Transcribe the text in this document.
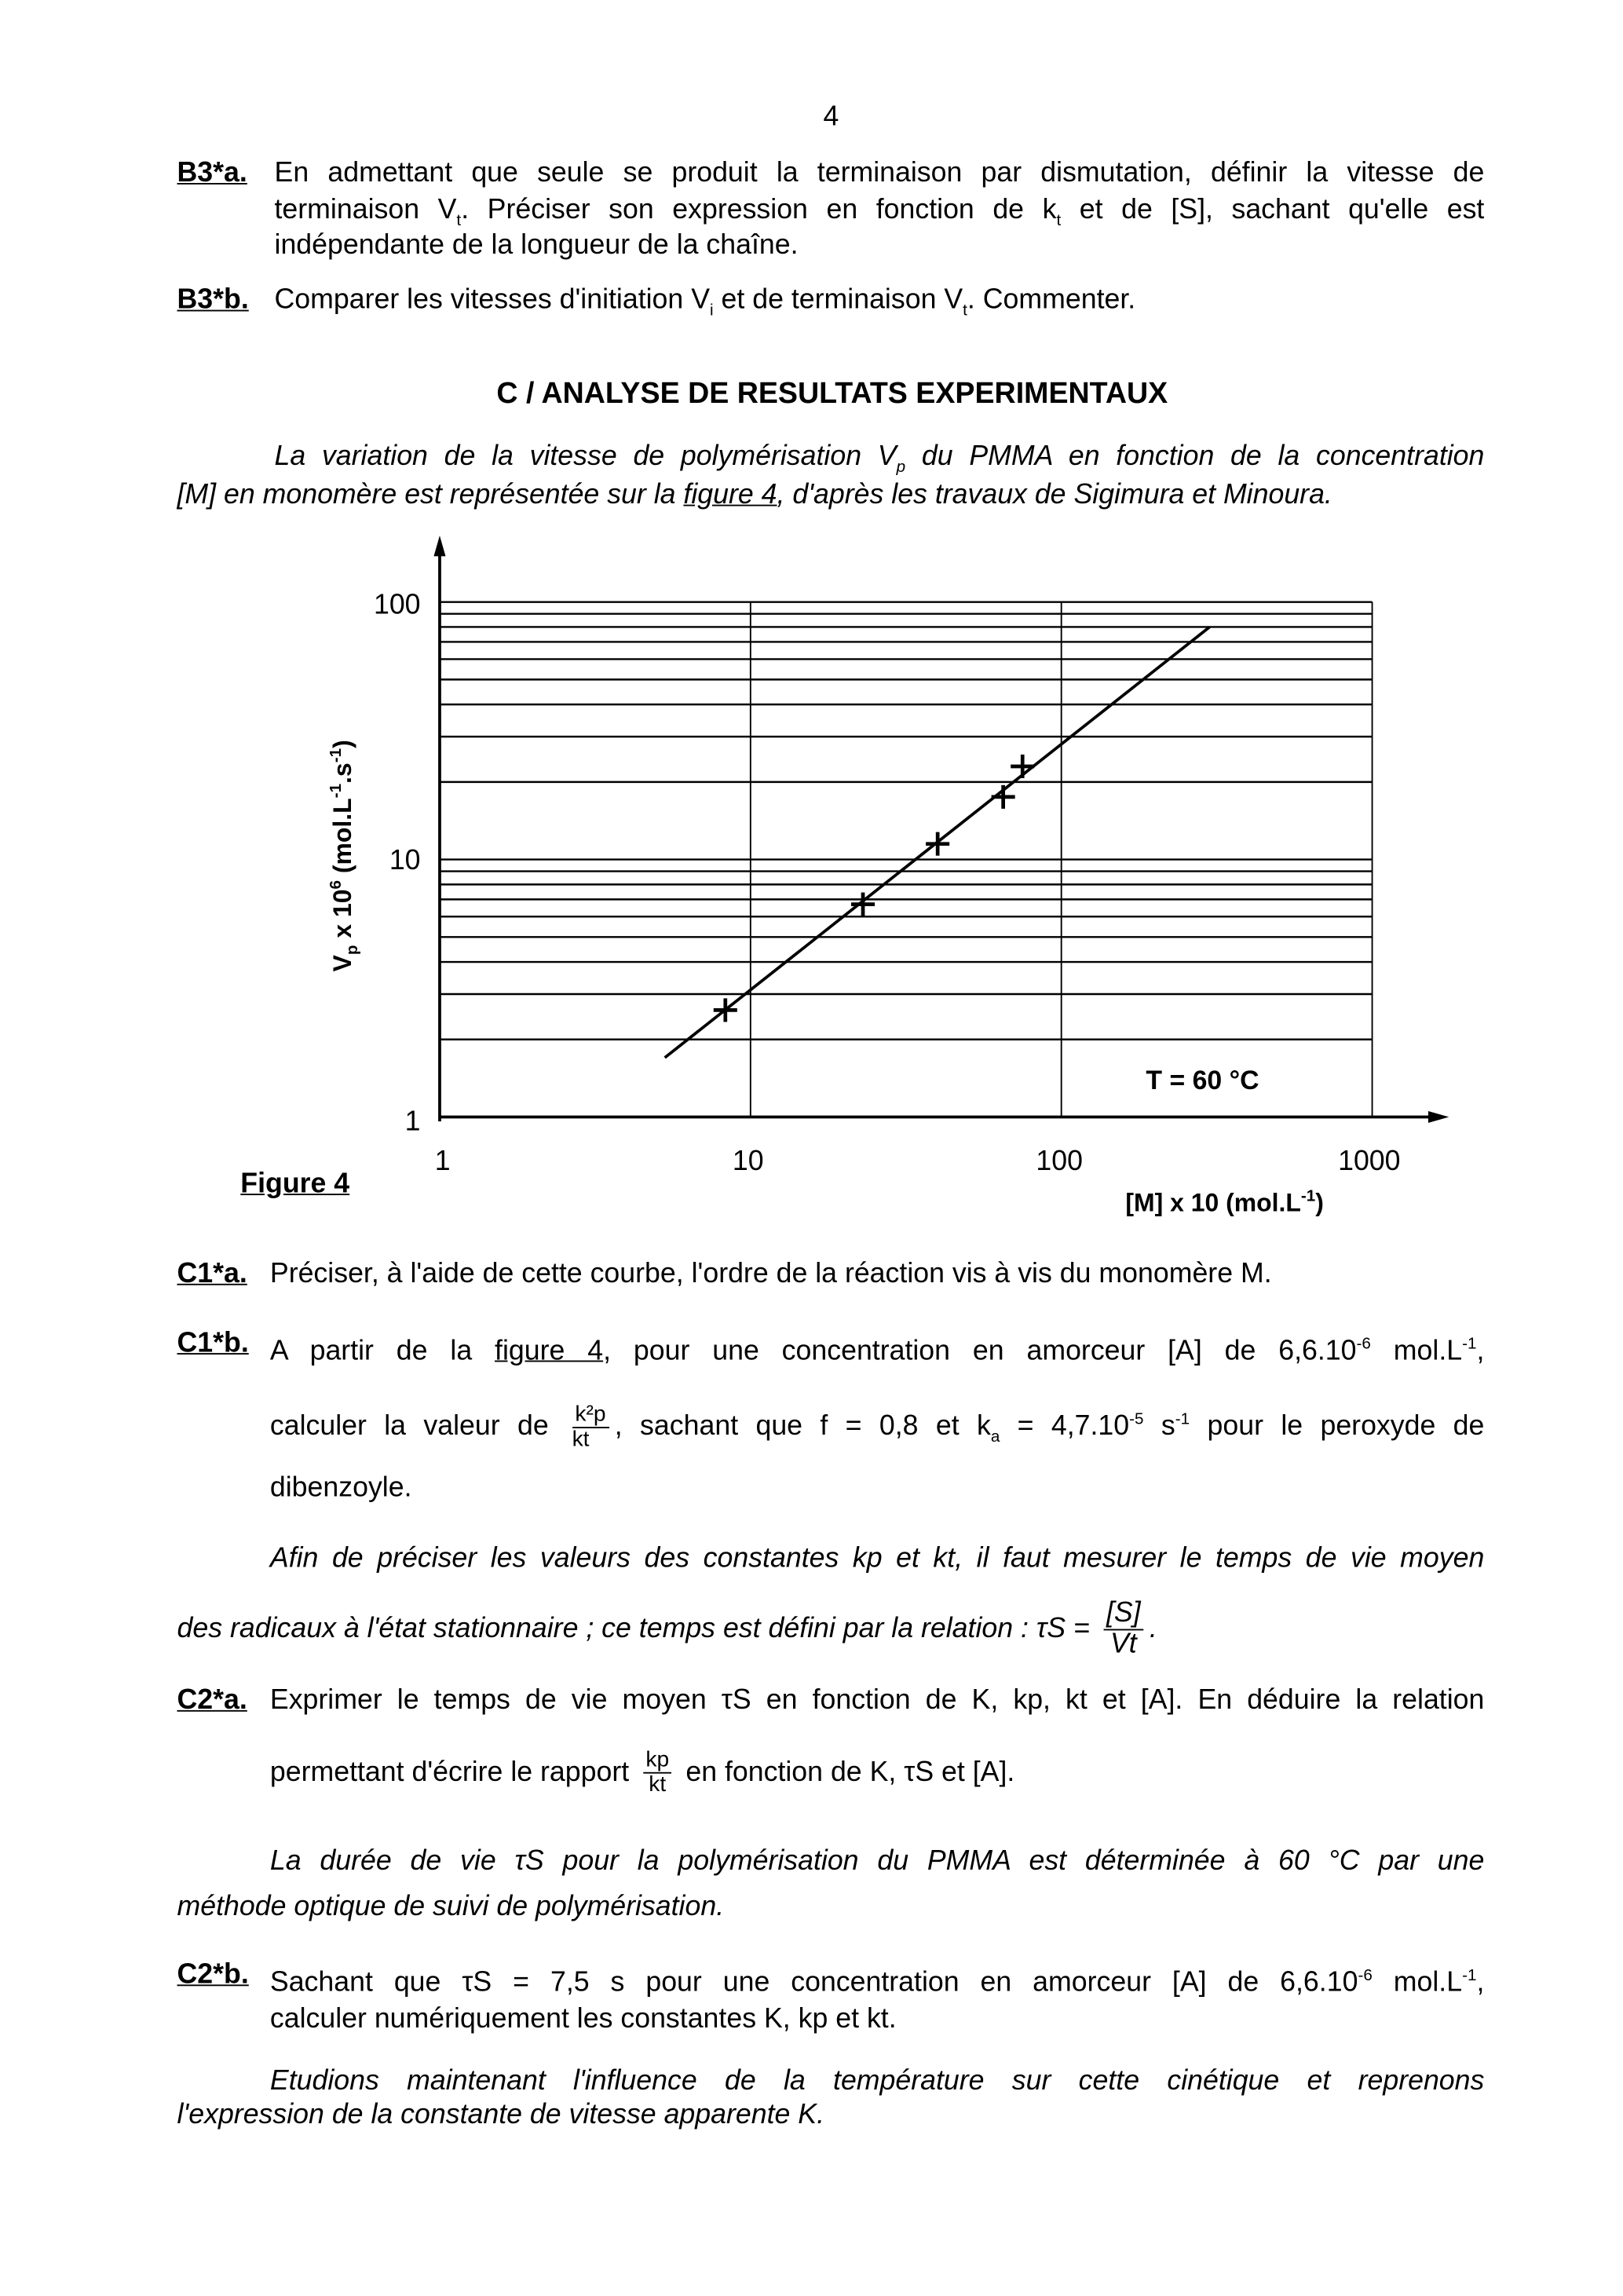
4
B3*a. En admettant que seule se produit la terminaison par dismutation, définir la vitesse de
terminaison $V_t$. Préciser son expression en fonction de $k_t$ et de [S], sachant qu'elle est
indépendante de la longueur de la chaîne.
B3*b. Comparer les vitesses d'initiation $V_i$ et de terminaison $V_t$. Commenter.
C / ANALYSE DE RESULTATS EXPERIMENTAUX
La variation de la vitesse de polymérisation $V_p$ du PMMA en fonction de la concentration
[M] en monomère est représentée sur la figure 4, d'après les travaux de Sigimura et Minoura.
1	10	100	1000
1
10
100
$V_p$ x $10^6$ $(mol.L^{-1}.s^{-1})$
[M] x 10 $(mol.L^{-1})$
T = 60 °C
Figure 4
C1*a. Préciser, à l'aide de cette courbe, l'ordre de la réaction vis à vis du monomère M.
C1*b. A partir de la figure 4, pour une concentration en amorceur [A] de $6,6.10^{-6}$ $mol.L^{-1}$,
calculer la valeur de $\frac{\text{k²p}}{kt}$ , sachant que f = 0,8 et $k_a = 4,7.10^{-5}$ $s^{-1}$ pour le peroxyde de
dibenzoyle.
Afin de préciser les valeurs des constantes kp et kt, il faut mesurer le temps de vie moyen
des radicaux à l'état stationnaire ; ce temps est défini par la relation : $\tau S = \frac{[S]}{Vt}$ .
C2*a. Exprimer le temps de vie moyen τS en fonction de K, kp, kt et [A]. En déduire la relation
permettant d'écrire le rapport $\frac{kp}{kt}$ en fonction de K, τS et [A].
La durée de vie τS pour la polymérisation du PMMA est déterminée à 60 °C par une
méthode optique de suivi de polymérisation.
C2*b. Sachant que τS = 7,5 s pour une concentration en amorceur [A] de $6,6.10^{-6}$ $mol.L^{-1}$,
calculer numériquement les constantes K, kp et kt.
Etudions maintenant l'influence de la température sur cette cinétique et reprenons
l'expression de la constante de vitesse apparente K.
